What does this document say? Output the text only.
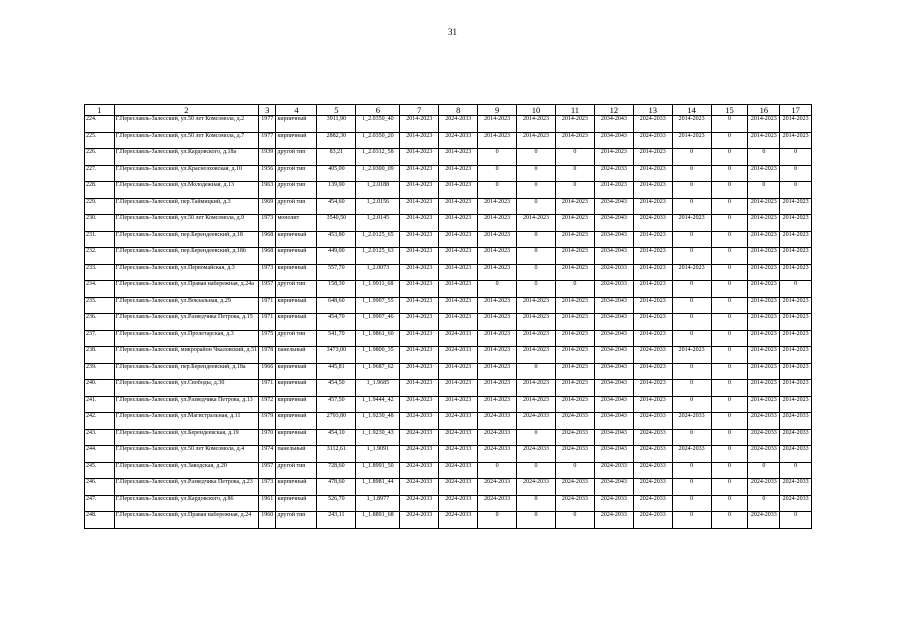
31
1	2	3	4	5	6	7	8	9	10	11	12	13	14	15	16	17
224.	Г.Переславль-Залесский, ул.50 лет Комсомола, д.2	1977	кирпичный	3911,90	1_2.0350_40	2014-2023	2024-2033	2014-2023	2014-2023	2014-2023	2034-2043	2024-2033	2014-2023	0	2014-2023	2014-2023
225.	Г.Переславль-Залесский, ул.50 лет Комсомола, д.7	1977	кирпичный	2882,30	1_2.0350_20	2014-2023	2024-2033	2014-2023	2014-2023	2014-2023	2034-2043	2024-2033	2014-2023	0	2014-2023	2014-2023
226.	Г.Переславль-Залесский, ул.Кардовского, д.18а	1939	другой тип	83,21	1_2.0312_58	2014-2023	2014-2023	0	0	0	2014-2023	2014-2023	0	0	0	0
227.	Г.Переславль-Залесский, ул.Красноэховская, д.10	1956	другой тип	405,00	1_2.0300_09	2014-2023	2014-2023	0	0	0	2024-2033	2014-2023	0	0	2014-2023	0
228.	Г.Переславль-Залесский, ул.Молодежная, д.13	1963	другой тип	139,90	1_2.0188	2014-2023	2014-2023	0	0	0	2014-2023	2014-2023	0	0	0	0
229.	Г.Переславль-Залесский, пер.Таймицкий, д.3	1969	другой тип	454,60	1_2.0156	2014-2023	2014-2023	2014-2023	0	2014-2023	2034-2043	2014-2023	0	0	2014-2023	2014-2023
230.	Г.Переславль-Залесский, ул.50 лет Комсомола, д.9	1973	монолит	3540,50	1_2.0145	2014-2023	2014-2023	2014-2023	2014-2023	2014-2023	2034-2043	2024-2033	2014-2023	0	2014-2023	2014-2023
231.	Г.Переславль-Залесский, пер.Берендеевский, д.18	1968	кирпичный	453,80	1_2.0125_65	2014-2023	2014-2023	2014-2023	0	2014-2023	2034-2043	2014-2023	0	0	2014-2023	2014-2023
232.	Г.Переславль-Залесский, пер.Берендеевский, д.18б	1968	кирпичный	449,00	1_2.0125_63	2014-2023	2014-2023	2014-2023	0	2014-2023	2034-2043	2014-2023	0	0	2014-2023	2014-2023
233.	Г.Переславль-Залесский, ул.Первомайская, д.3	1973	кирпичный	557,70	1_2.0073	2014-2023	2014-2023	2014-2023	0	2014-2023	2024-2033	2014-2023	2014-2023	0	2014-2023	2014-2023
234.	Г.Переславль-Залесский, ул.Правая набережная, д.24а	1957	другой тип	158,30	1_1.9911_68	2014-2023	2014-2023	0	0	0	2024-2033	2014-2023	0	0	2014-2023	0
235.	Г.Переславль-Залесский, ул.Вокзальная, д.29	1971	кирпичный	648,60	1_1.9907_55	2014-2023	2014-2023	2014-2023	2014-2023	2014-2023	2034-2043	2014-2023	0	0	2014-2023	2014-2023
236.	Г.Переславль-Залесский, ул.Разведчика Петрова, д.15	1971	кирпичный	454,70	1_1.9907_46	2014-2023	2014-2023	2014-2023	2014-2023	2014-2023	2034-2043	2014-2023	0	0	2014-2023	2014-2023
237.	Г.Переславль-Залесский, ул.Пролетарская, д.3	1975	другой тип	541,70	1_1.9861_60	2014-2023	2024-2033	2014-2023	2014-2023	2014-2023	2034-2043	2014-2023	0	0	2014-2023	2014-2023
238.	Г.Переславль-Залесский, микрорайон Чкаловский, д.51	1978	панельный	3473,00	1_1.9800_35	2014-2023	2024-2033	2014-2023	2014-2023	2014-2023	2034-2043	2024-2033	2014-2023	0	2014-2023	2014-2023
239.	Г.Переславль-Залесский, пер.Берендеевский, д.18а	1966	кирпичный	445,81	1_1.9687_62	2014-2023	2014-2023	2014-2023	0	2014-2023	2034-2043	2014-2023	0	0	2014-2023	2014-2023
240.	Г.Переславль-Залесский, ул.Свободы, д.30	1971	кирпичный	454,50	1_1.9685	2014-2023	2014-2023	2014-2023	2014-2023	2014-2023	2034-2043	2014-2023	0	0	2014-2023	2014-2023
241.	Г.Переславль-Залесский, ул.Разведчика Петрова, д.13	1972	кирпичный	457,50	1_1.9444_42	2014-2023	2014-2023	2014-2023	2014-2023	2014-2023	2034-2043	2014-2023	0	0	2014-2023	2014-2023
242.	Г.Переславль-Залесский, ул.Магистральная, д.11	1979	кирпичный	2793,80	1_1.9230_48	2024-2033	2024-2033	2024-2033	2024-2033	2024-2033	2034-2043	2024-2033	2024-2033	0	2024-2033	2024-2033
243.	Г.Переславль-Залесский, ул.Берендеевская, д.19	1970	кирпичный	454,10	1_1.9230_43	2024-2033	2024-2033	2024-2033	0	2024-2033	2034-2043	2024-2033	0	0	2024-2033	2024-2033
244.	Г.Переславль-Залесский, ул.50 лет Комсомола, д.4	1974	панельный	3112,61	1_1.9091	2024-2033	2024-2033	2024-2033	2024-2033	2024-2033	2034-2043	2024-2033	2024-2033	0	2024-2033	2024-2033
245.	Г.Переславль-Залесский, ул.Заводская, д.20	1957	другой тип	728,60	1_1.8991_50	2024-2033	2024-2033	0	0	0	2024-2033	2024-2033	0	0	0	0
246.	Г.Переславль-Залесский, ул.Разведчика Петрова, д.23	1973	кирпичный	478,60	1_1.8981_44	2024-2033	2024-2033	2024-2033	2024-2033	2024-2033	2034-2043	2024-2033	0	0	2024-2033	2024-2033
247.	Г.Переславль-Залесский, ул.Кардовского, д.86	1961	кирпичный	526,70	1_1.8977	2024-2033	2024-2033	2024-2033	0	2024-2033	2024-2033	2024-2033	0	0	0	2024-2033
248.	Г.Переславль-Залесский, ул.Правая набережная, д.24	1960	другой тип	243,11	1_1.8891_68	2024-2033	2024-2033	0	0	0	2024-2033	2024-2033	0	0	2024-2033	0
